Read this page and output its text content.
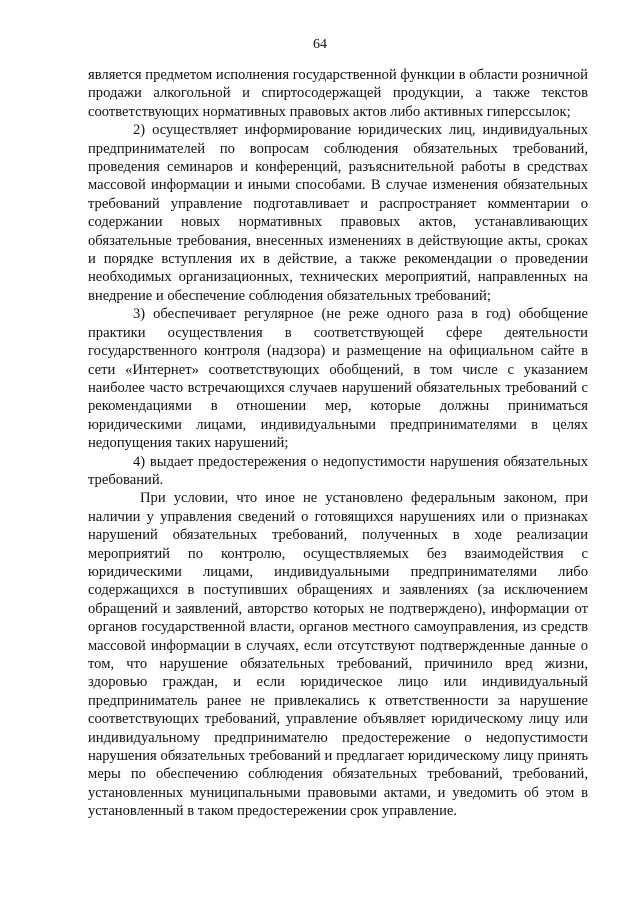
64

является предметом исполнения государственной функции в области розничной продажи алкогольной и спиртосодержащей продукции, а также текстов соответствующих нормативных правовых актов либо активных гиперссылок;

2) осуществляет информирование юридических лиц, индивидуальных предпринимателей по вопросам соблюдения обязательных требований, проведения семинаров и конференций, разъяснительной работы в средствах массовой информации и иными способами. В случае изменения обязательных требований управление подготавливает и распространяет комментарии о содержании новых нормативных правовых актов, устанавливающих обязательные требования, внесенных изменениях в действующие акты, сроках и порядке вступления их в действие, а также рекомендации о проведении необходимых организационных, технических мероприятий, направленных на внедрение и обеспечение соблюдения обязательных требований;

3) обеспечивает регулярное (не реже одного раза в год) обобщение практики осуществления в соответствующей сфере деятельности государственного контроля (надзора) и размещение на официальном сайте в сети «Интернет» соответствующих обобщений, в том числе с указанием наиболее часто встречающихся случаев нарушений обязательных требований с рекомендациями в отношении мер, которые должны приниматься юридическими лицами, индивидуальными предпринимателями в целях недопущения таких нарушений;

4) выдает предостережения о недопустимости нарушения обязательных требований.

При условии, что иное не установлено федеральным законом, при наличии у управления сведений о готовящихся нарушениях или о признаках нарушений обязательных требований, полученных в ходе реализации мероприятий по контролю, осуществляемых без взаимодействия с юридическими лицами, индивидуальными предпринимателями либо содержащихся в поступивших обращениях и заявлениях (за исключением обращений и заявлений, авторство которых не подтверждено), информации от органов государственной власти, органов местного самоуправления, из средств массовой информации в случаях, если отсутствуют подтвержденные данные о том, что нарушение обязательных требований, причинило вред жизни, здоровью граждан, и если юридическое лицо или индивидуальный предприниматель ранее не привлекались к ответственности за нарушение соответствующих требований, управление объявляет юридическому лицу или индивидуальному предпринимателю предостережение о недопустимости нарушения обязательных требований и предлагает юридическому лицу принять меры по обеспечению соблюдения обязательных требований, требований, установленных муниципальными правовыми актами, и уведомить об этом в установленный в таком предостережении срок управление.
